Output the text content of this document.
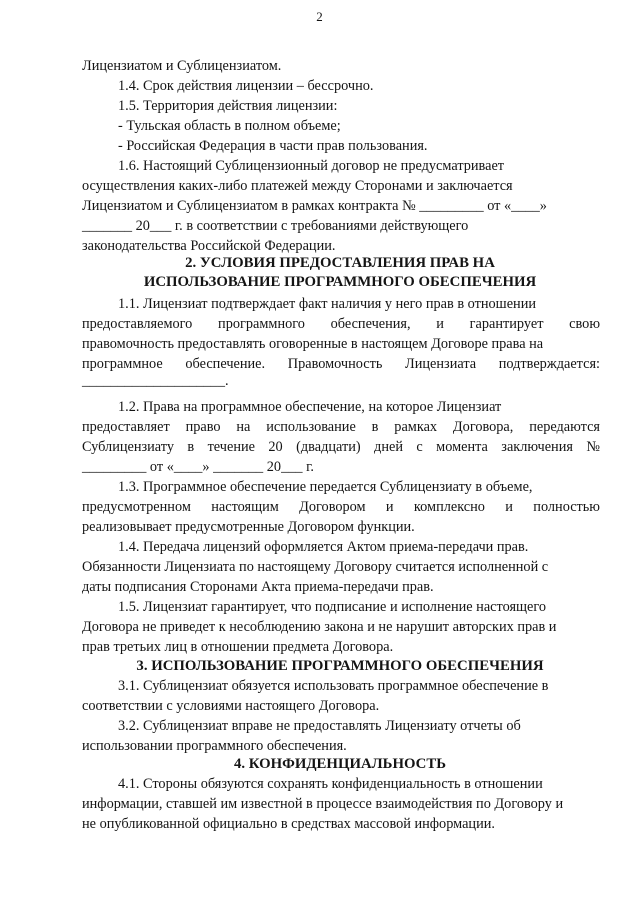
2
Лицензиатом и Сублицензиатом.
1.4. Срок действия лицензии – бессрочно.
1.5. Территория действия лицензии:
- Тульская область в полном объеме;
- Российская Федерация в части прав пользования.
1.6. Настоящий Сублицензионный договор не предусматривает
осуществления каких-либо платежей между Сторонами и заключается
Лицензиатом и Сублицензиатом в рамках контракта № _________ от «____»
_______ 20___ г. в соответствии с требованиями действующего
законодательства Российской Федерации.
2. УСЛОВИЯ ПРЕДОСТАВЛЕНИЯ ПРАВ НА
ИСПОЛЬЗОВАНИЕ ПРОГРАММНОГО ОБЕСПЕЧЕНИЯ
1.1. Лицензиат подтверждает факт наличия у него прав в отношении
предоставляемого программного обеспечения, и гарантирует свою
правомочность предоставлять оговоренные в настоящем Договоре права на
программное обеспечение. Правомочность Лицензиата подтверждается:
____________________.
1.2. Права на программное обеспечение, на которое Лицензиат
предоставляет право на использование в рамках Договора, передаются
Сублицензиату в течение 20 (двадцати) дней с момента заключения №
_________ от «____» _______ 20___ г.
1.3. Программное обеспечение передается Сублицензиату в объеме,
предусмотренном настоящим Договором и комплексно и полностью
реализовывает предусмотренные Договором функции.
1.4. Передача лицензий оформляется Актом приема-передачи прав.
Обязанности Лицензиата по настоящему Договору считается исполненной с
даты подписания Сторонами Акта приема-передачи прав.
1.5. Лицензиат гарантирует, что подписание и исполнение настоящего
Договора не приведет к несоблюдению закона и не нарушит авторских прав и
прав третьих лиц в отношении предмета Договора.
3. ИСПОЛЬЗОВАНИЕ ПРОГРАММНОГО ОБЕСПЕЧЕНИЯ
3.1. Сублицензиат обязуется использовать программное обеспечение в
соответствии с условиями настоящего Договора.
3.2. Сублицензиат вправе не предоставлять Лицензиату отчеты об
использовании программного обеспечения.
4. КОНФИДЕНЦИАЛЬНОСТЬ
4.1. Стороны обязуются сохранять конфиденциальность в отношении
информации, ставшей им известной в процессе взаимодействия по Договору и
не опубликованной официально в средствах массовой информации.
